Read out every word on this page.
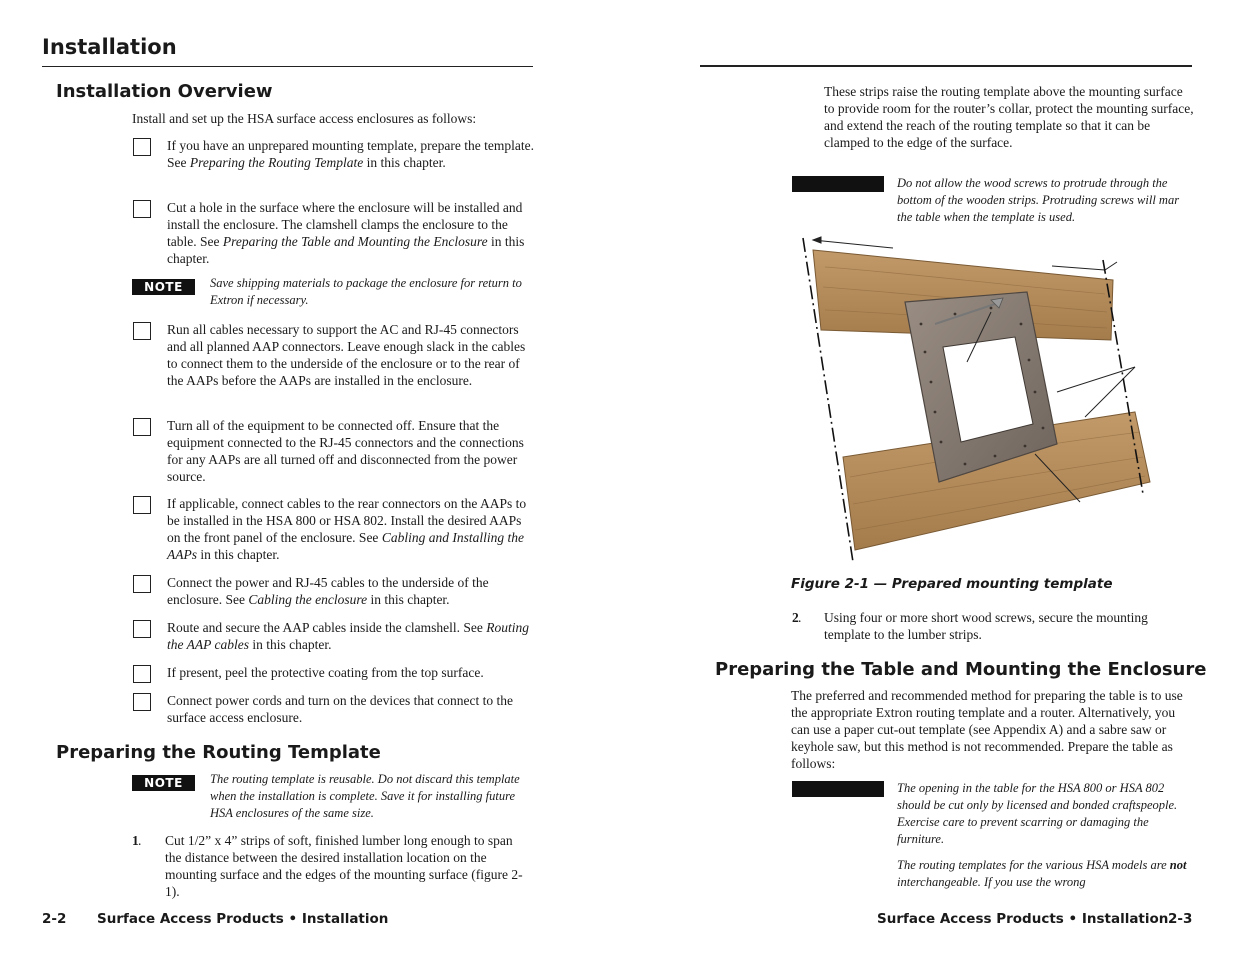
Installation
Installation Overview
Install and set up the HSA surface access enclosures as follows:
If you have an unprepared mounting template, prepare the template. See Preparing the Routing Template in this chapter.
Cut a hole in the surface where the enclosure will be installed and install the enclosure. The clamshell clamps the enclosure to the table. See Preparing the Table and Mounting the Enclosure in this chapter.
Run all cables necessary to support the AC and RJ-45 connectors and all planned AAP connectors. Leave enough slack in the cables to connect them to the underside of the enclosure or to the rear of the AAPs before the AAPs are installed in the enclosure.
Turn all of the equipment to be connected off. Ensure that the equipment connected to the RJ-45 connectors and the connections for any AAPs are all turned off and disconnected from the power source.
If applicable, connect cables to the rear connectors on the AAPs to be installed in the HSA 800 or HSA 802. Install the desired AAPs on the front panel of the enclosure. See Cabling and Installing the AAPs in this chapter.
Connect the power and RJ-45 cables to the underside of the enclosure. See Cabling the enclosure in this chapter.
Route and secure the AAP cables inside the clamshell. See Routing the AAP cables in this chapter.
If present, peel the protective coating from the top surface.
Connect power cords and turn on the devices that connect to the surface access enclosure.
NOTE	Save shipping materials to package the enclosure for return to Extron if necessary.
Preparing the Routing Template
NOTE	The routing template is reusable. Do not discard this template when the installation is complete. Save it for installing future HSA enclosures of the same size.
1 . Cut 1/2” x 4” strips of soft, finished lumber long enough to span the distance between the desired installation location on the mounting surface and the edges of the mounting surface (figure 2-1).
2-2 Surface Access Products • Installation
These strips raise the routing template above the mounting surface to provide room for the router’s collar, protect the mounting surface, and extend the reach of the routing template so that it can be clamped to the edge of the surface.
Do not allow the wood screws to protrude through the bottom of the wooden strips. Protruding screws will mar the table when the template is used.
Figure 2-1 — Prepared mounting template
2 . Using four or more short wood screws, secure the mounting template to the lumber strips.
Preparing the Table and Mounting the Enclosure
The preferred and recommended method for preparing the table is to use the appropriate Extron routing template and a router. Alternatively, you can use a paper cut-out template (see Appendix A) and a sabre saw or keyhole saw, but this method is not recommended. Prepare the table as follows:
The opening in the table for the HSA 800 or HSA 802 should be cut only by licensed and bonded craftspeople. Exercise care to prevent scarring or damaging the furniture.
The routing templates for the various HSA models are not interchangeable. If you use the wrong
Surface Access Products • Installation 2-3
